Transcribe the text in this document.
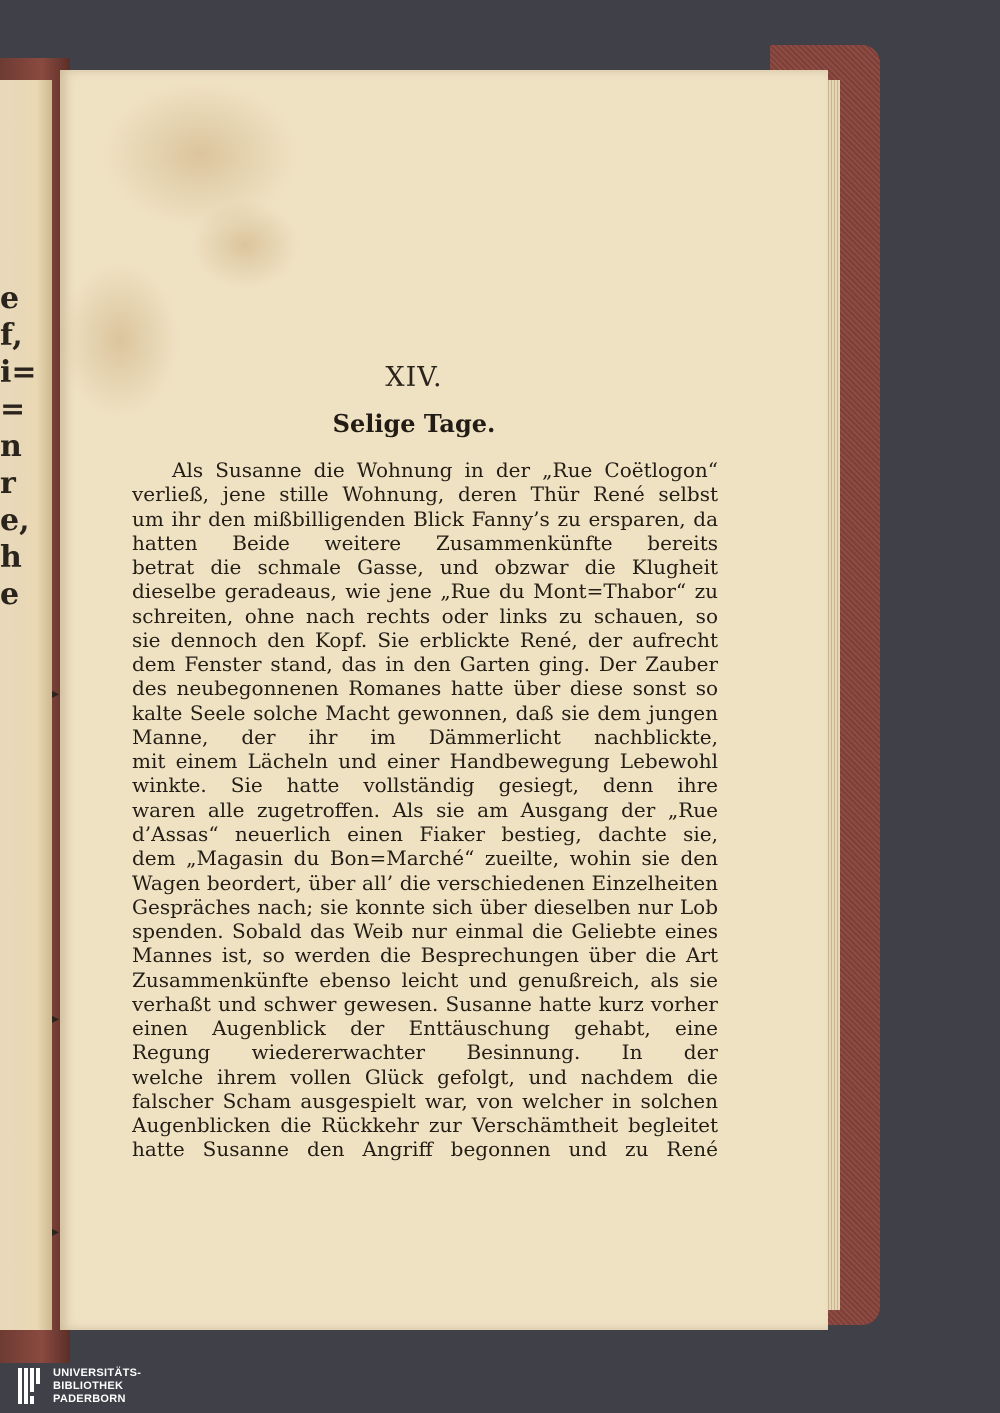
e
f,
i=
=
n
r
e,
h
e
▸
▸
▸
XIV.
Selige Tage.
Als Susanne die Wohnung in der „Rue Coëtlogon“
verließ, jene stille Wohnung, deren Thür René selbst
um ihr den mißbilligenden Blick Fanny’s zu ersparen, da
hatten Beide weitere Zusammenkünfte bereits
betrat die schmale Gasse, und obzwar die Klugheit
dieselbe geradeaus, wie jene „Rue du Mont=Thabor“ zu
schreiten, ohne nach rechts oder links zu schauen, so
sie dennoch den Kopf. Sie erblickte René, der aufrecht
dem Fenster stand, das in den Garten ging. Der Zauber
des neubegonnenen Romanes hatte über diese sonst so
kalte Seele solche Macht gewonnen, daß sie dem jungen
Manne, der ihr im Dämmerlicht nachblickte,
mit einem Lächeln und einer Handbewegung Lebewohl
winkte. Sie hatte vollständig gesiegt, denn ihre
waren alle zugetroffen. Als sie am Ausgang der „Rue
d’Assas“ neuerlich einen Fiaker bestieg, dachte sie,
dem „Magasin du Bon=Marché“ zueilte, wohin sie den
Wagen beordert, über all’ die verschiedenen Einzelheiten
Gespräches nach; sie konnte sich über dieselben nur Lob
spenden. Sobald das Weib nur einmal die Geliebte eines
Mannes ist, so werden die Besprechungen über die Art
Zusammenkünfte ebenso leicht und genußreich, als sie
verhaßt und schwer gewesen. Susanne hatte kurz vorher
einen Augenblick der Enttäuschung gehabt, eine
Regung wiedererwachter Besinnung. In der
welche ihrem vollen Glück gefolgt, und nachdem die
falscher Scham ausgespielt war, von welcher in solchen
Augenblicken die Rückkehr zur Verschämtheit begleitet
hatte Susanne den Angriff begonnen und zu René
UNIVERSITÄTS-
BIBLIOTHEK
PADERBORN
